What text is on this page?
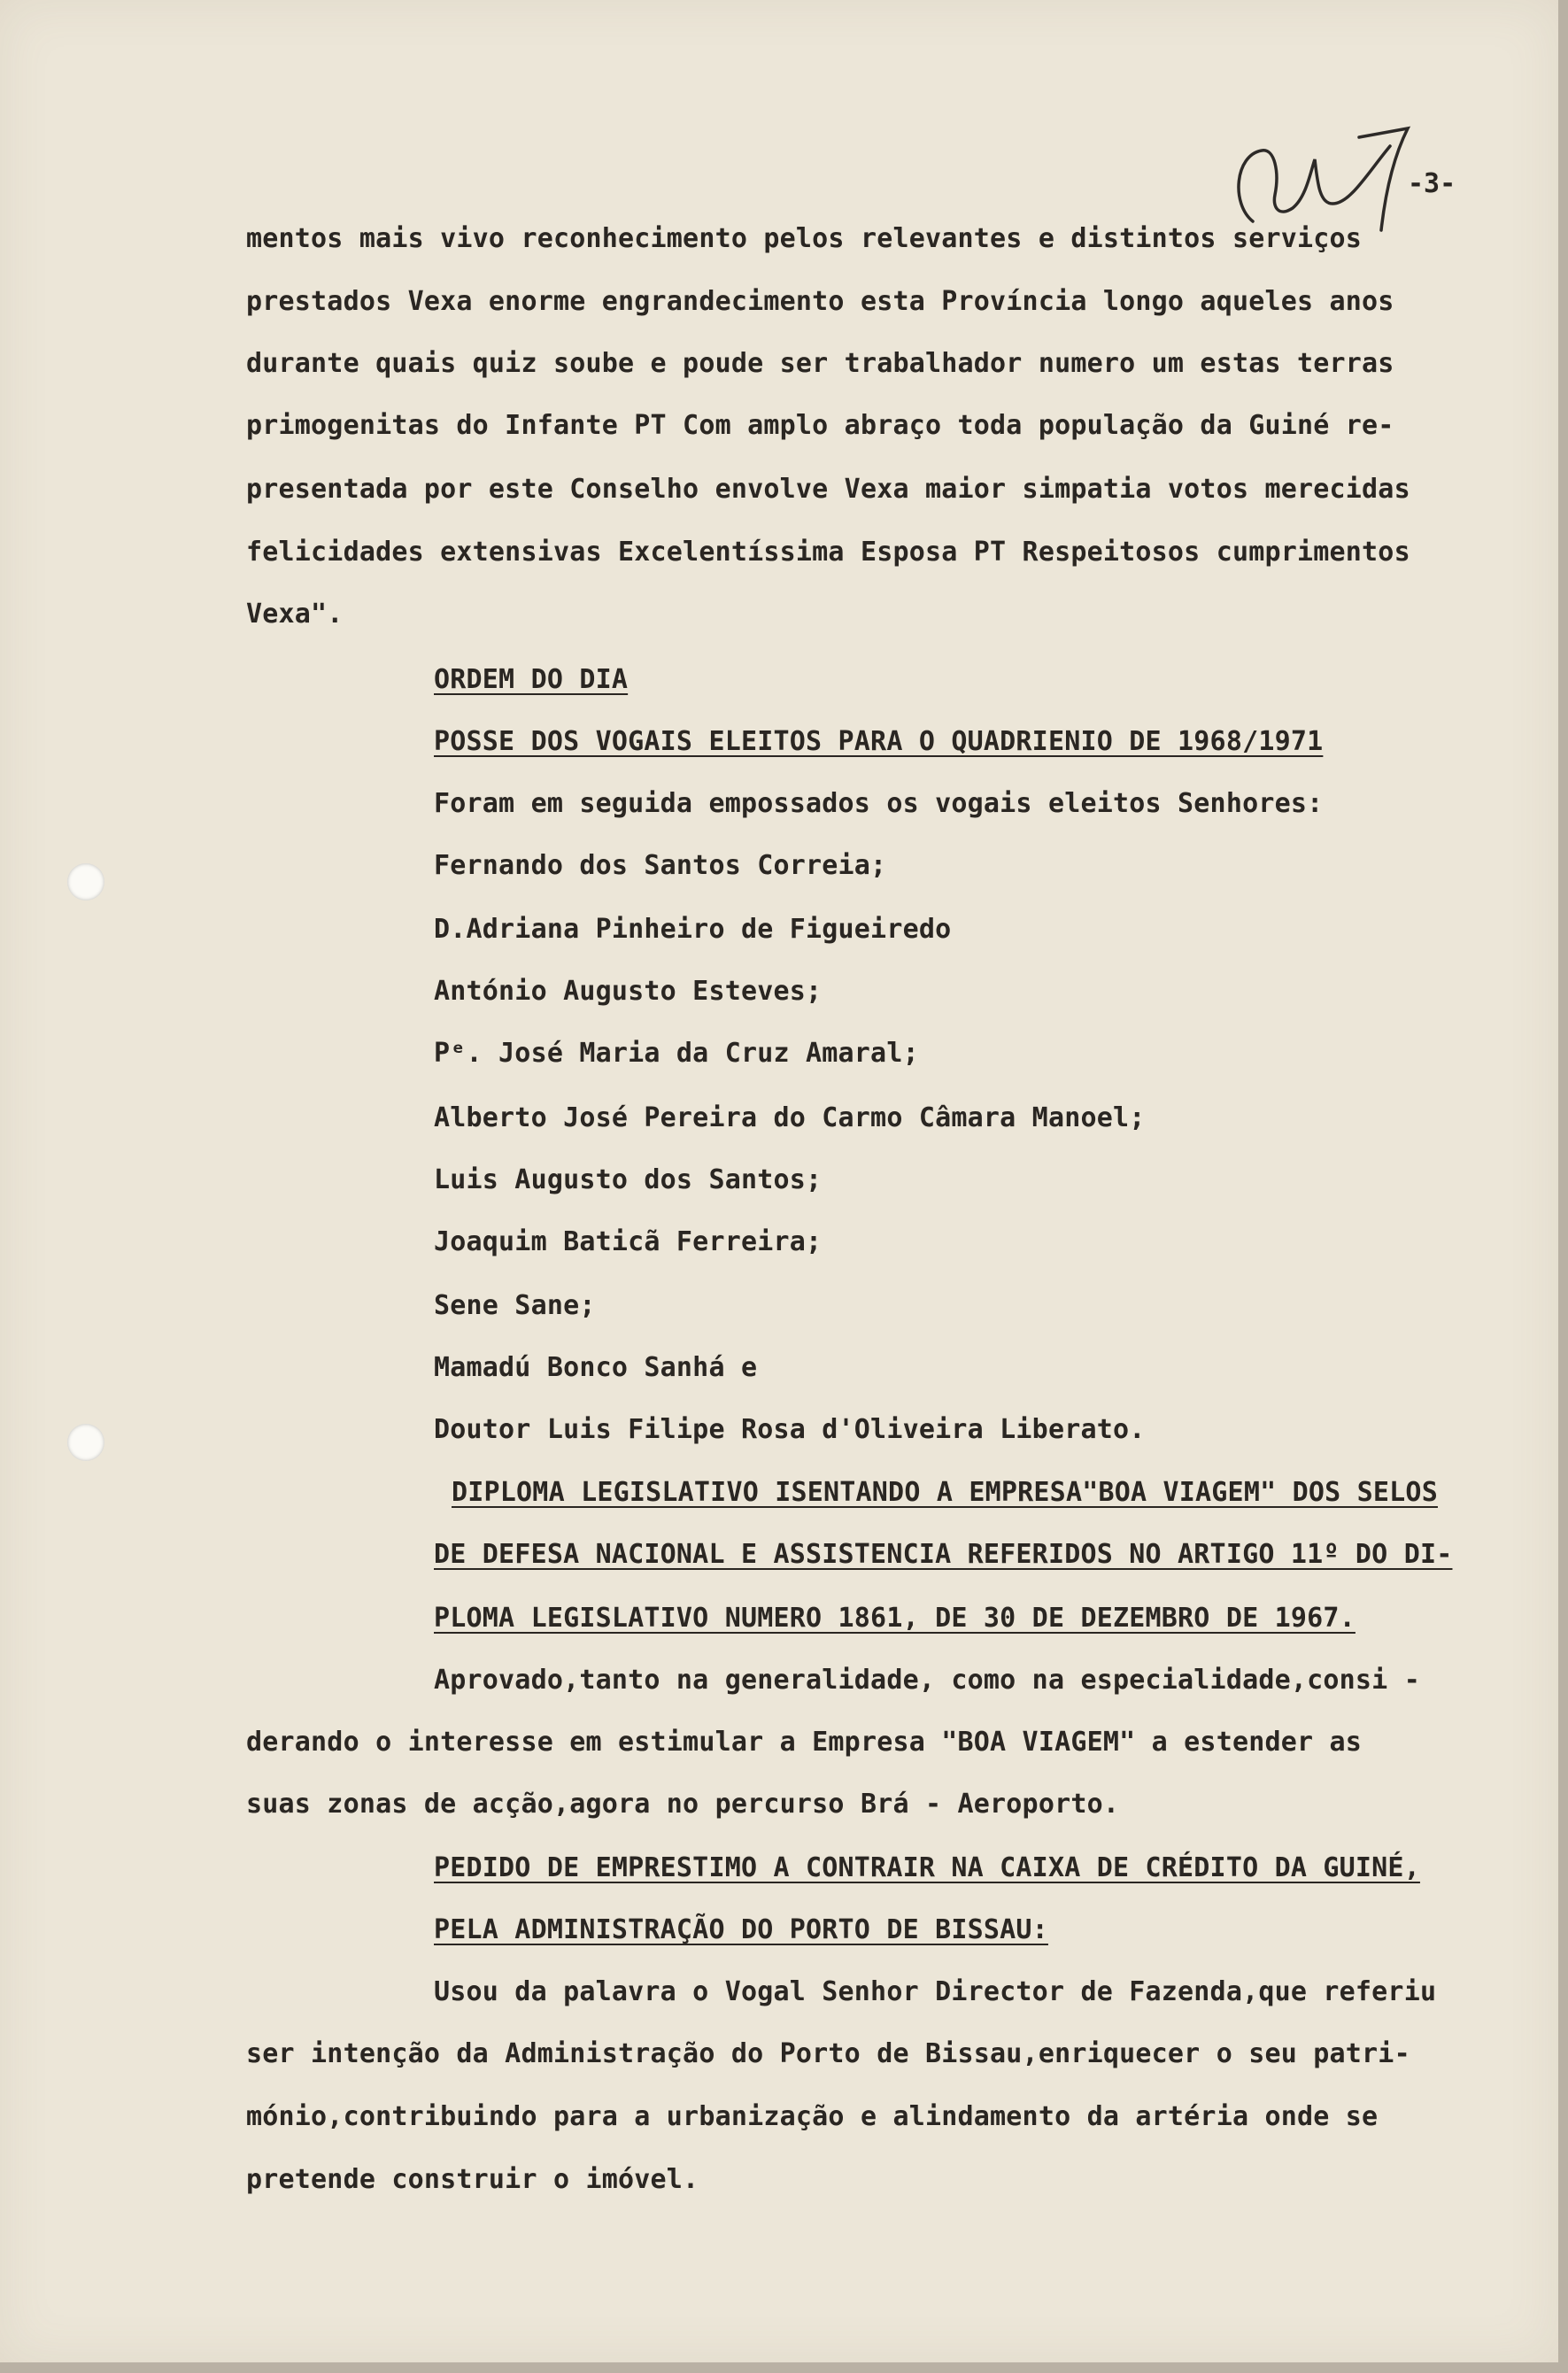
-3-
mentos mais vivo reconhecimento pelos relevantes e distintos serviços
prestados Vexa enorme engrandecimento esta Província longo aqueles anos
durante quais quiz soube e poude ser trabalhador numero um estas terras
primogenitas do Infante PT Com amplo abraço toda população da Guiné re-
presentada por este Conselho envolve Vexa maior simpatia votos merecidas
felicidades extensivas Excelentíssima Esposa PT Respeitosos cumprimentos
Vexa".
ORDEM DO DIA
POSSE DOS VOGAIS ELEITOS PARA O QUADRIENIO DE 1968/1971
Foram em seguida empossados os vogais eleitos Senhores:
Fernando dos Santos Correia;
D.Adriana Pinheiro de Figueiredo
António Augusto Esteves;
Pᵉ. José Maria da Cruz Amaral;
Alberto José Pereira do Carmo Câmara Manoel;
Luis Augusto dos Santos;
Joaquim Baticã Ferreira;
Sene Sane;
Mamadú Bonco Sanhá e
Doutor Luis Filipe Rosa d'Oliveira Liberato.
DIPLOMA LEGISLATIVO ISENTANDO A EMPRESA"BOA VIAGEM" DOS SELOS
DE DEFESA NACIONAL E ASSISTENCIA REFERIDOS NO ARTIGO 11º DO DI-
PLOMA LEGISLATIVO NUMERO 1861, DE 30 DE DEZEMBRO DE 1967.
Aprovado,tanto na generalidade, como na especialidade,consi -
derando o interesse em estimular a Empresa "BOA VIAGEM" a estender as
suas zonas de acção,agora no percurso Brá - Aeroporto.
PEDIDO DE EMPRESTIMO A CONTRAIR NA CAIXA DE CRÉDITO DA GUINÉ,
PELA ADMINISTRAÇÃO DO PORTO DE BISSAU:
Usou da palavra o Vogal Senhor Director de Fazenda,que referiu
ser intenção da Administração do Porto de Bissau,enriquecer o seu patri-
mónio,contribuindo para a urbanização e alindamento da artéria onde se
pretende construir o imóvel.
